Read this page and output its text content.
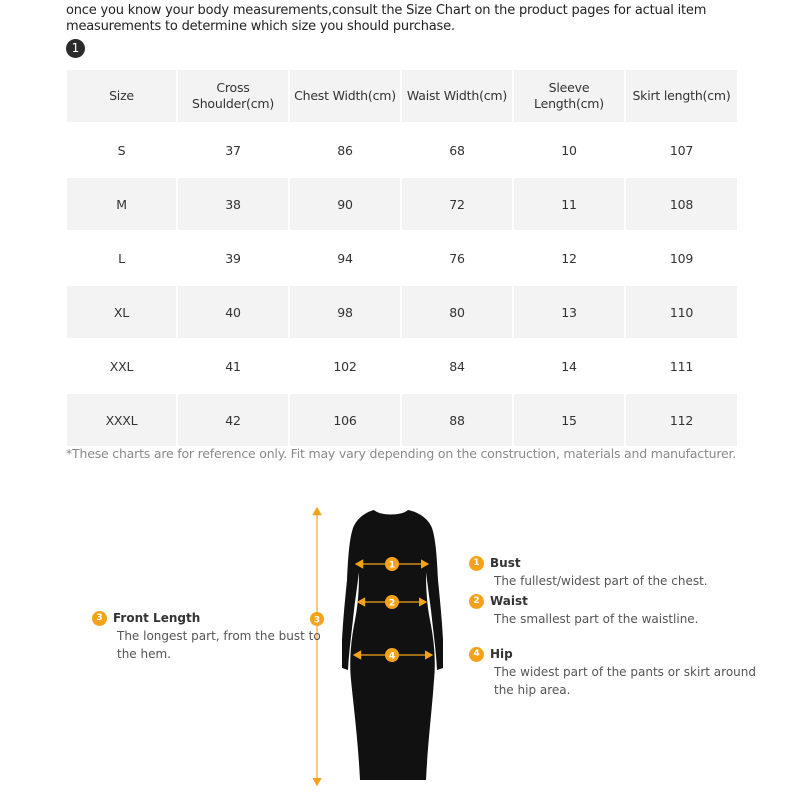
once you know your body measurements,consult the Size Chart on the product pages for actual item measurements to determine which size you should purchase.
1
Size	Cross Shoulder(cm)	Chest Width(cm)	Waist Width(cm)	Sleeve Length(cm)	Skirt length(cm)
S	37	86	68	10	107
M	38	90	72	11	108
L	39	94	76	12	109
XL	40	98	80	13	110
XXL	41	102	84	14	111
XXXL	42	106	88	15	112
*These charts are for reference only. Fit may vary depending on the construction, materials and manufacturer.
1
2
3
4
3 Front Length
The longest part, from the bust to the hem.
1 Bust
The fullest/widest part of the chest.
2 Waist
The smallest part of the waistline.
4 Hip
The widest part of the pants or skirt around the hip area.
